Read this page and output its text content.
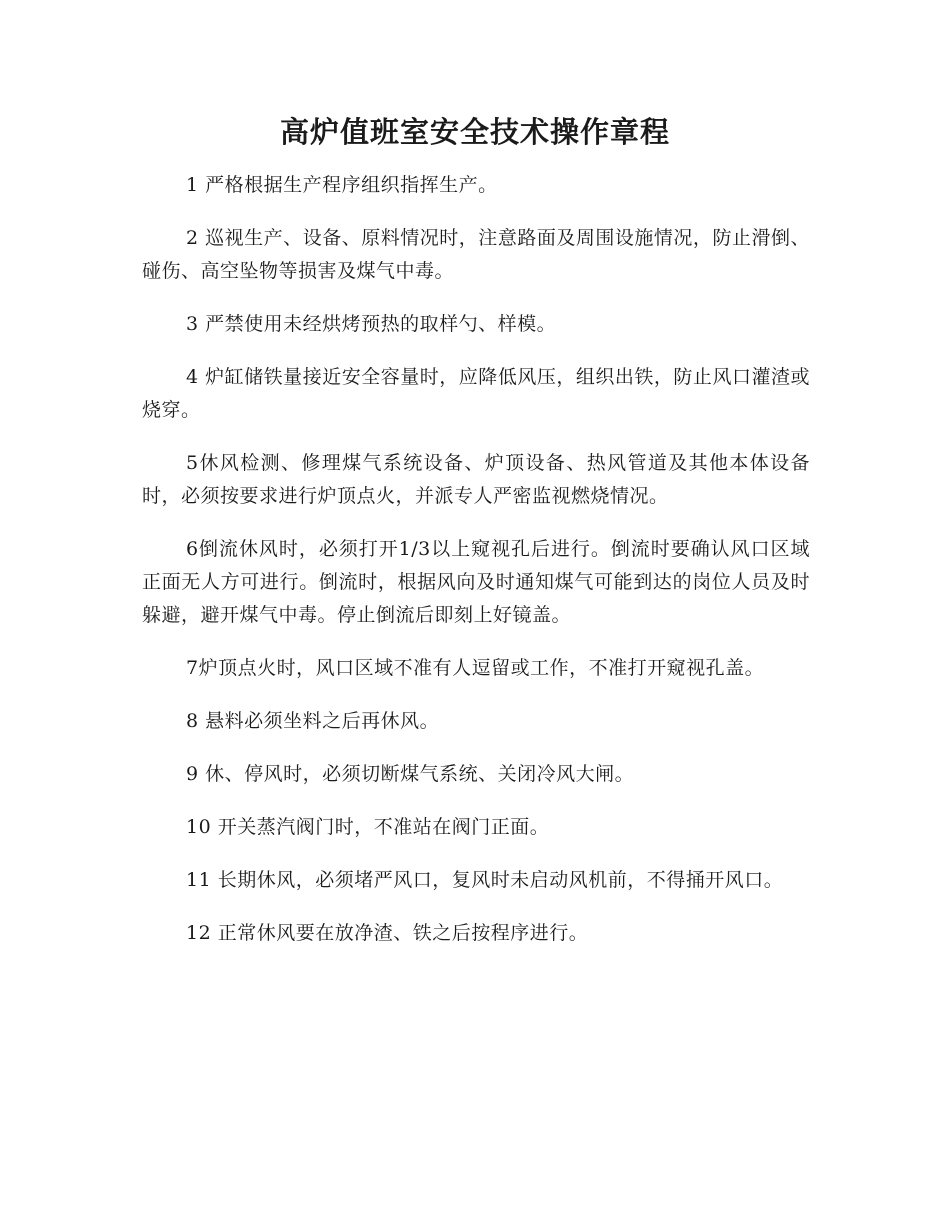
高炉值班室安全技术操作章程

1 严格根据生产程序组织指挥生产。

2 巡视生产、设备、原料情况时，注意路面及周围设施情况，防止滑倒、碰伤、高空坠物等损害及煤气中毒。

3 严禁使用未经烘烤预热的取样勺、样模。

4 炉缸储铁量接近安全容量时，应降低风压，组织出铁，防止风口灌渣或烧穿。

5休风检测、修理煤气系统设备、炉顶设备、热风管道及其他本体设备时，必须按要求进行炉顶点火，并派专人严密监视燃烧情况。

6倒流休风时，必须打开1/3以上窥视孔后进行。倒流时要确认风口区域正面无人方可进行。倒流时，根据风向及时通知煤气可能到达的岗位人员及时躲避，避开煤气中毒。停止倒流后即刻上好镜盖。

7炉顶点火时，风口区域不准有人逗留或工作，不准打开窥视孔盖。

8 悬料必须坐料之后再休风。

9 休、停风时，必须切断煤气系统、关闭冷风大闸。

10 开关蒸汽阀门时，不准站在阀门正面。

11 长期休风，必须堵严风口，复风时未启动风机前，不得捅开风口。

12 正常休风要在放净渣、铁之后按程序进行。
